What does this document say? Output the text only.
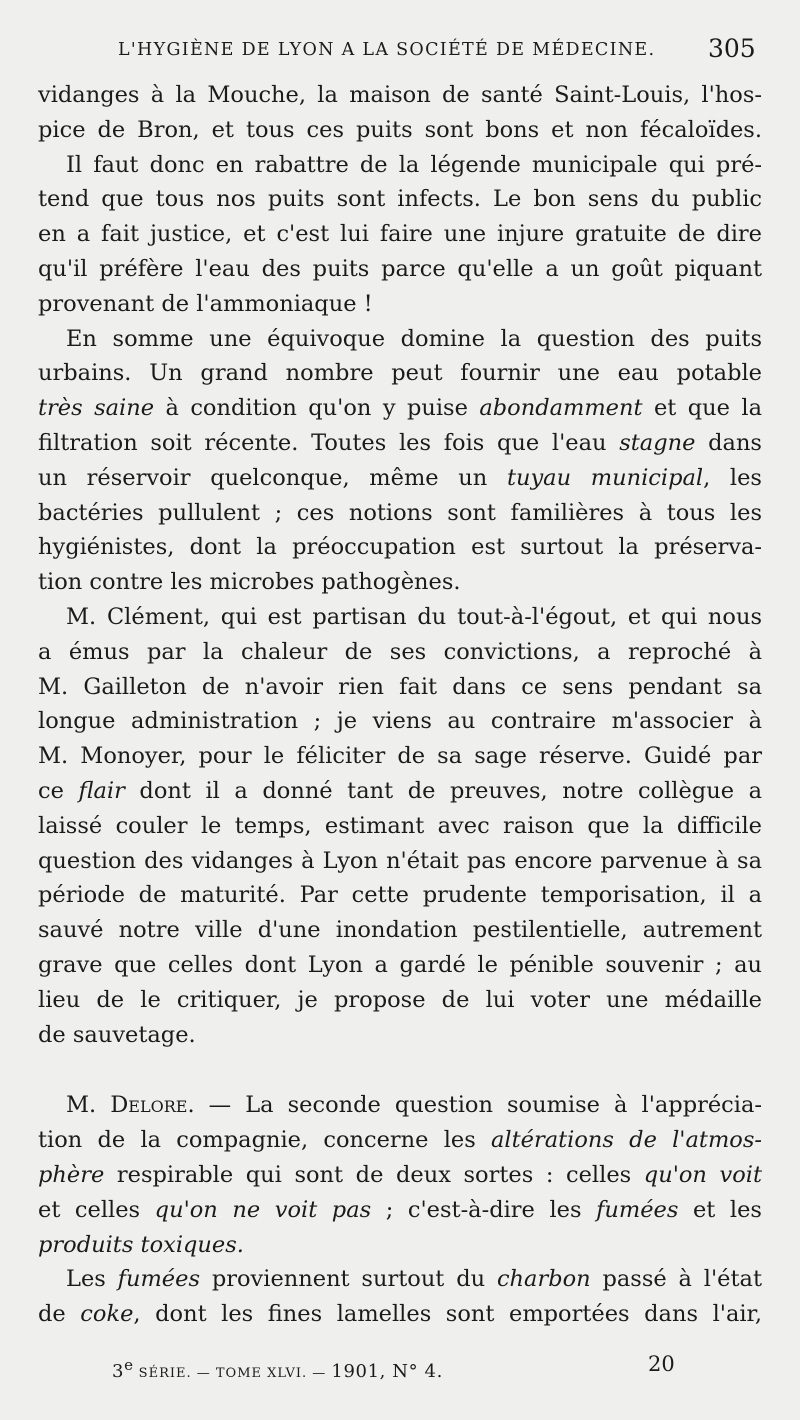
L'HYGIÈNE DE LYON A LA SOCIÉTÉ DE MÉDECINE. 305
vidanges à la Mouche, la maison de santé Saint-Louis, l'hos-
pice de Bron, et tous ces puits sont bons et non fécaloïdes.
Il faut donc en rabattre de la légende municipale qui pré-
tend que tous nos puits sont infects. Le bon sens du public
en a fait justice, et c'est lui faire une injure gratuite de dire
qu'il préfère l'eau des puits parce qu'elle a un goût piquant
provenant de l'ammoniaque !
En somme une équivoque domine la question des puits
urbains. Un grand nombre peut fournir une eau potable
très saine à condition qu'on y puise abondamment et que la
filtration soit récente. Toutes les fois que l'eau stagne dans
un réservoir quelconque, même un tuyau municipal, les
bactéries pullulent ; ces notions sont familières à tous les
hygiénistes, dont la préoccupation est surtout la préserva-
tion contre les microbes pathogènes.
M. Clément, qui est partisan du tout-à-l'égout, et qui nous
a émus par la chaleur de ses convictions, a reproché à
M. Gailleton de n'avoir rien fait dans ce sens pendant sa
longue administration ; je viens au contraire m'associer à
M. Monoyer, pour le féliciter de sa sage réserve. Guidé par
ce flair dont il a donné tant de preuves, notre collègue a
laissé couler le temps, estimant avec raison que la difficile
question des vidanges à Lyon n'était pas encore parvenue à sa
période de maturité. Par cette prudente temporisation, il a
sauvé notre ville d'une inondation pestilentielle, autrement
grave que celles dont Lyon a gardé le pénible souvenir ; au
lieu de le critiquer, je propose de lui voter une médaille
de sauvetage.
M. Delore. — La seconde question soumise à l'apprécia-
tion de la compagnie, concerne les altérations de l'atmos-
phère respirable qui sont de deux sortes : celles qu'on voit
et celles qu'on ne voit pas ; c'est-à-dire les fumées et les
produits toxiques.
Les fumées proviennent surtout du charbon passé à l'état
de coke, dont les fines lamelles sont emportées dans l'air,
3e SÉRIE. — TOME XLVI. — 1901, N° 4.	20
